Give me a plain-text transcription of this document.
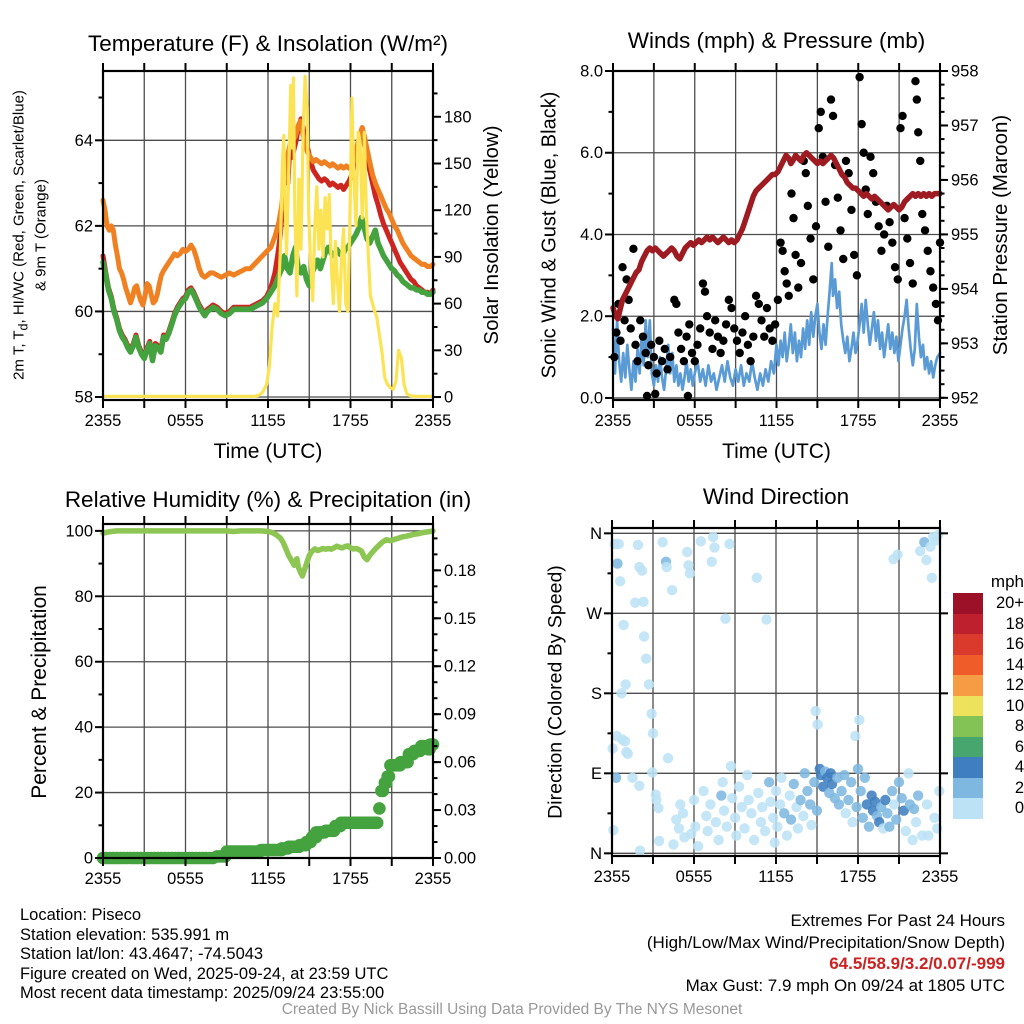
Temperature (F) & Insolation (W/m²)	Winds (mph) & Pressure (mb)
Relative Humidity (%) & Precipitation (in)	Wind Direction
2m T, $T_d$, HI/WC (Red, Green, Scarlet/Blue) & 9m T (Orange)	Solar Insolation (Yellow) Sonic Wind & Gust (Blue, Black)	Station Pressure (Maroon)
Percent & Precipitation	Direction (Colored By Speed)
Time (UTC)	Time (UTC)
2355	0555	1155	1755	2355
58
60
62
64
0
30
60
90
120
150
180
2355	0555	1155	1755	2355
0.0
2.0
4.0
6.0
8.0
952
953
954
955
956
957
958
2355	0555	1155	1755	2355
0
20
40
60
80
100
0.00
0.03
0.06
0.09
0.12
0.15
0.18
2355	0555	1155	1755	2355
N
E
S
W
N
mph
20+
18
16
14
12
10
8
6
4
2
0
Location: Piseco
Station elevation: 535.991 m
Station lat/lon: 43.4647; -74.5043
Figure created on Wed, 2025-09-24, at 23:59 UTC
Most recent data timestamp: 2025/09/24 23:55:00
Extremes For Past 24 Hours
(High/Low/Max Wind/Precipitation/Snow Depth)
64.5/58.9/3.2/0.07/-999
Max Gust: 7.9 mph On 09/24 at 1805 UTC
Created By Nick Bassill Using Data Provided By The NYS Mesonet
